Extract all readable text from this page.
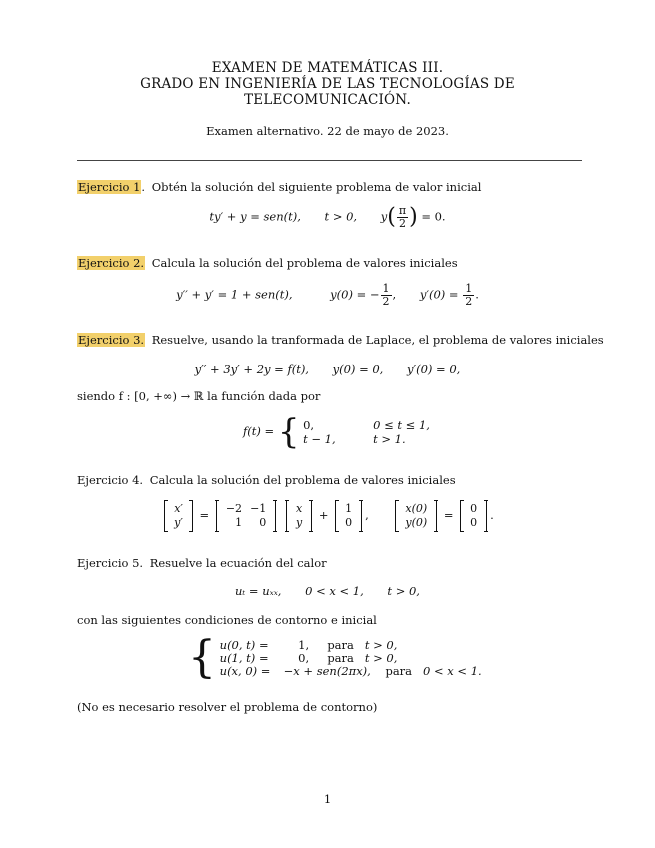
EXAMEN DE MATEMÁTICAS III.
GRADO EN INGENIERÍA DE LAS TECNOLOGÍAS DE
TELECOMUNICACIÓN.
Examen alternativo. 22 de mayo de 2023.
Ejercicio 1. Obtén la solución del siguiente problema de valor inicial
ty′ + y = sen(t), t > 0, $y( \frac{\pi}{2}$ ) = 0.
Ejercicio 2. Calcula la solución del problema de valores iniciales
y′′ + y′ = 1 + sen(t),	y(0) = − $\frac{1}{2}$ , $y'(0) = \frac{1}{2}$ .
Ejercicio 3. Resuelve, usando la tranformada de Laplace, el problema de valores iniciales
y′′ + 3y′ + 2y = f(t), y(0) = 0, y′(0) = 0,
siendo f : [0, +∞) → ℝ la función dada por
f(t) = { 0,	0 ≤ t ≤ 1,
t − 1,	t > 1.
Ejercicio 4. Calcula la solución del problema de valores iniciales
x′
y′
= −2	−1
1	0

x
y
+ 1
0
,	x(0)
y(0)
= 0
0
.
Ejercicio 5. Resuelve la ecuación del calor
uₜ = uₓₓ, 0 < x < 1, t > 0,
con las siguientes condiciones de contorno e inicial
{ u(0, t) =	1, para t > 0,
u(1, t) =	0, para t > 0,
u(x, 0) = −x + sen(2πx), para 0 < x < 1.
(No es necesario resolver el problema de contorno)
1
